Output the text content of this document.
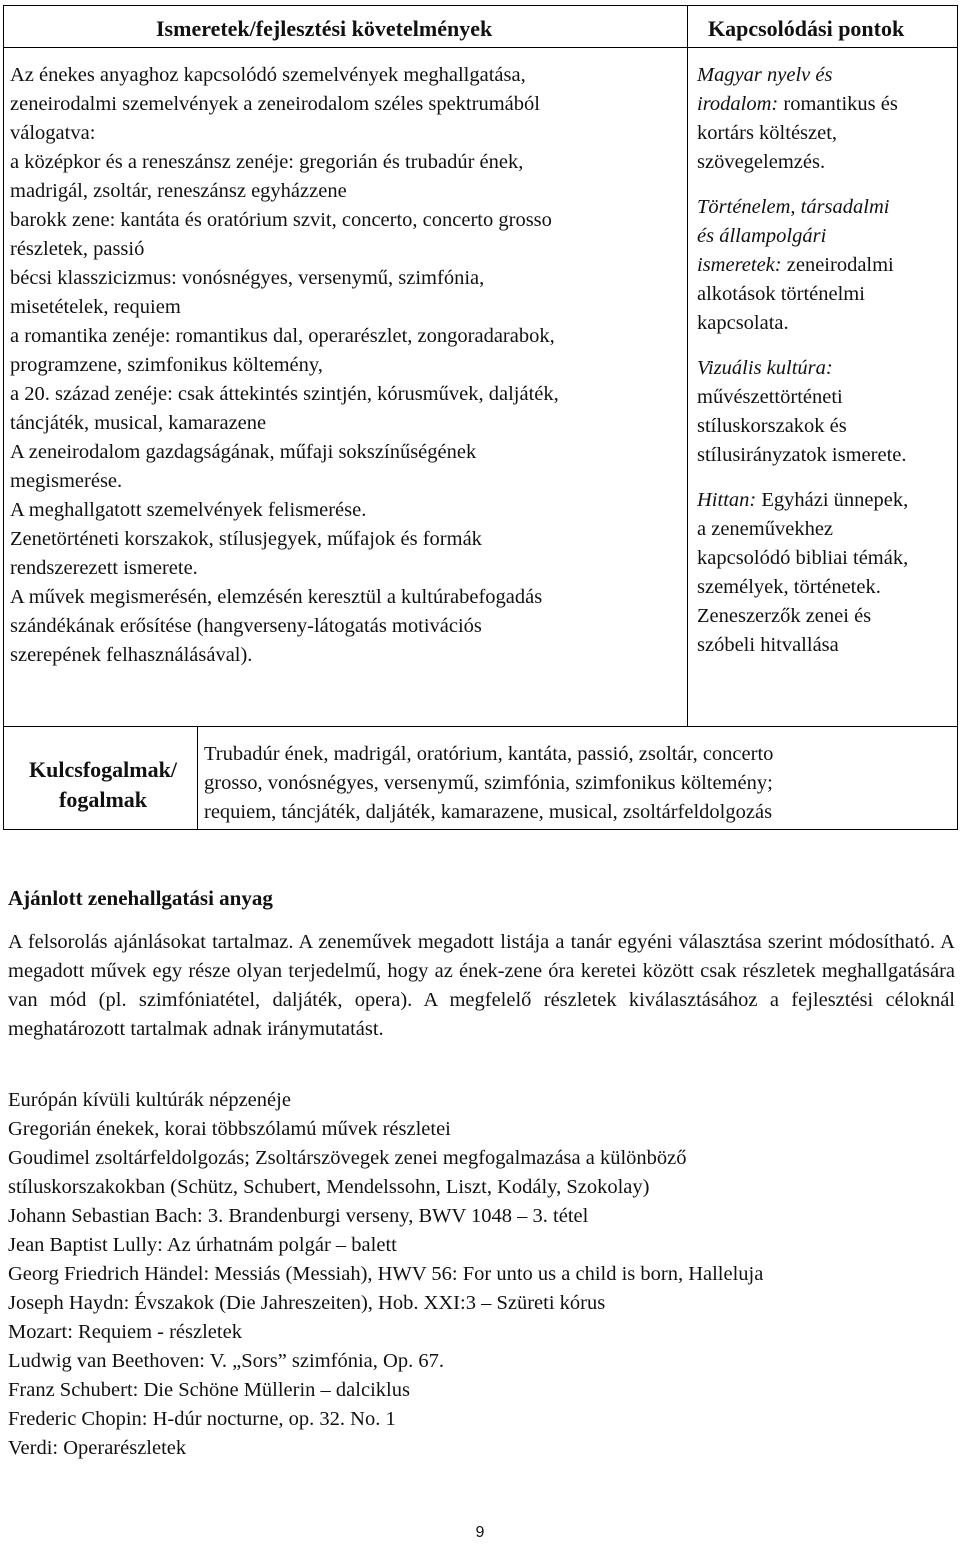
Ismeretek/fejlesztési követelmények	Kapcsolódási pontok

Az énekes anyaghoz kapcsolódó szemelvények meghallgatása,

zeneirodalmi szemelvények a zeneirodalom széles spektrumából

válogatva:

a középkor és a reneszánsz zenéje: gregorián és trubadúr ének,

madrigál, zsoltár, reneszánsz egyházzene

barokk zene: kantáta és oratórium szvit, concerto, concerto grosso

részletek, passió

bécsi klasszicizmus: vonósnégyes, versenymű, szimfónia,

misetételek, requiem

a romantika zenéje: romantikus dal, operarészlet, zongoradarabok,

programzene, szimfonikus költemény,

a 20. század zenéje: csak áttekintés szintjén, kórusművek, daljáték,

táncjáték, musical, kamarazene

A zeneirodalom gazdagságának, műfaji sokszínűségének

megismerése.

A meghallgatott szemelvények felismerése.

Zenetörténeti korszakok, stílusjegyek, műfajok és formák

rendszerezett ismerete.

A művek megismerésén, elemzésén keresztül a kultúrabefogadás

szándékának erősítése (hangverseny-látogatás motivációs

szerepének felhasználásával).

Magyar nyelv és

irodalom: romantikus és

kortárs költészet,

szövegelemzés.

Történelem, társadalmi

és állampolgári

ismeretek: zeneirodalmi

alkotások történelmi

kapcsolata.

Vizuális kultúra:

művészettörténeti

stíluskorszakok és

stílusirányzatok ismerete.

Hittan: Egyházi ünnepek,

a zeneművekhez

kapcsolódó bibliai témák,

személyek, történetek.

Zeneszerzők zenei és

szóbeli hitvallása

Kulcsfogalmak/
fogalmak

Trubadúr ének, madrigál, oratórium, kantáta, passió, zsoltár, concerto

grosso, vonósnégyes, versenymű, szimfónia, szimfonikus költemény;

requiem, táncjáték, daljáték, kamarazene, musical, zsoltárfeldolgozás

Ajánlott zenehallgatási anyag

A felsorolás ajánlásokat tartalmaz. A zeneművek megadott listája a tanár egyéni választása szerint módosítható. A megadott művek egy része olyan terjedelmű, hogy az ének-zene óra keretei között csak részletek meghallgatására van mód (pl. szimfóniatétel, daljáték, opera). A megfelelő részletek kiválasztásához a fejlesztési céloknál meghatározott tartalmak adnak iránymutatást.

Európán kívüli kultúrák népzenéje
Gregorián énekek, korai többszólamú művek részletei
Goudimel zsoltárfeldolgozás; Zsoltárszövegek zenei megfogalmazása a különböző
stíluskorszakokban (Schütz, Schubert, Mendelssohn, Liszt, Kodály, Szokolay)
Johann Sebastian Bach: 3. Brandenburgi verseny, BWV 1048 – 3. tétel
Jean Baptist Lully: Az úrhatnám polgár – balett
Georg Friedrich Händel: Messiás (Messiah), HWV 56: For unto us a child is born, Halleluja
Joseph Haydn: Évszakok (Die Jahreszeiten), Hob. XXI:3 – Szüreti kórus
Mozart: Requiem - részletek
Ludwig van Beethoven: V. „Sors” szimfónia, Op. 67.
Franz Schubert: Die Schöne Müllerin – dalciklus
Frederic Chopin: H-dúr nocturne, op. 32. No. 1
Verdi: Operarészletek
9
